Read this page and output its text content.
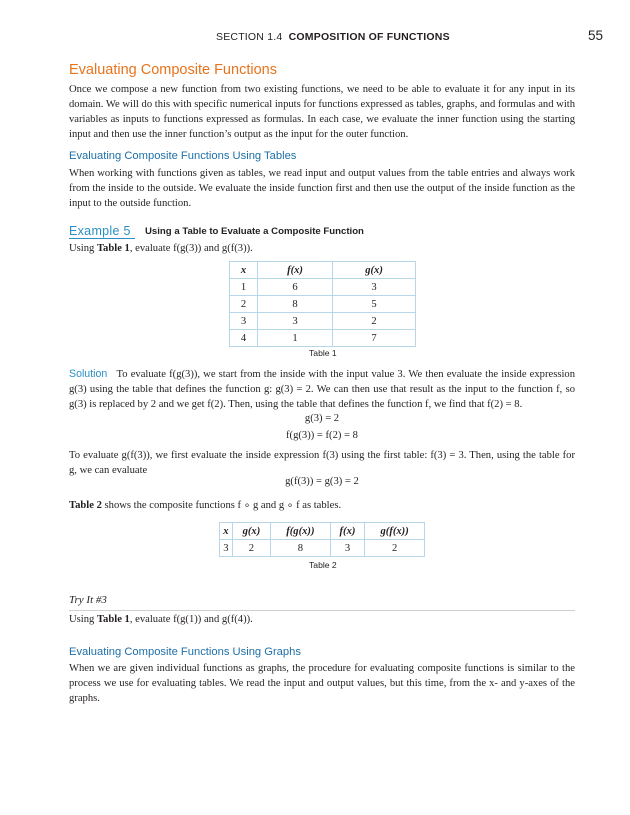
SECTION 1.4 COMPOSITION OF FUNCTIONS	55
Evaluating Composite Functions
Once we compose a new function from two existing functions, we need to be able to evaluate it for any input in its domain. We will do this with specific numerical inputs for functions expressed as tables, graphs, and formulas and with variables as inputs to functions expressed as formulas. In each case, we evaluate the inner function using the starting input and then use the inner function’s output as the input for the outer function.
Evaluating Composite Functions Using Tables
When working with functions given as tables, we read input and output values from the table entries and always work from the inside to the outside. We evaluate the inside function first and then use the output of the inside function as the input to the outside function.
Example 5 Using a Table to Evaluate a Composite Function
Using Table 1, evaluate f(g(3)) and g(f(3)).
x	f(x)	g(x)
1	6	3
2	8	5
3	3	2
4	1	7
Table 1
Solution To evaluate f(g(3)), we start from the inside with the input value 3. We then evaluate the inside expression g(3) using the table that defines the function g: g(3) = 2. We can then use that result as the input to the function f, so g(3) is replaced by 2 and we get f(2). Then, using the table that defines the function f, we find that f(2) = 8.
g(3) = 2
f(g(3)) = f(2) = 8
To evaluate g(f(3)), we first evaluate the inside expression f(3) using the first table: f(3) = 3. Then, using the table for g, we can evaluate
g(f(3)) = g(3) = 2
Table 2 shows the composite functions f ∘ g and g ∘ f as tables.
x	g(x)	f(g(x))	f(x)	g(f(x))
3	2	8	3	2
Table 2
Try It #3
Using Table 1, evaluate f(g(1)) and g(f(4)).
Evaluating Composite Functions Using Graphs
When we are given individual functions as graphs, the procedure for evaluating composite functions is similar to the process we use for evaluating tables. We read the input and output values, but this time, from the x- and y-axes of the graphs.
